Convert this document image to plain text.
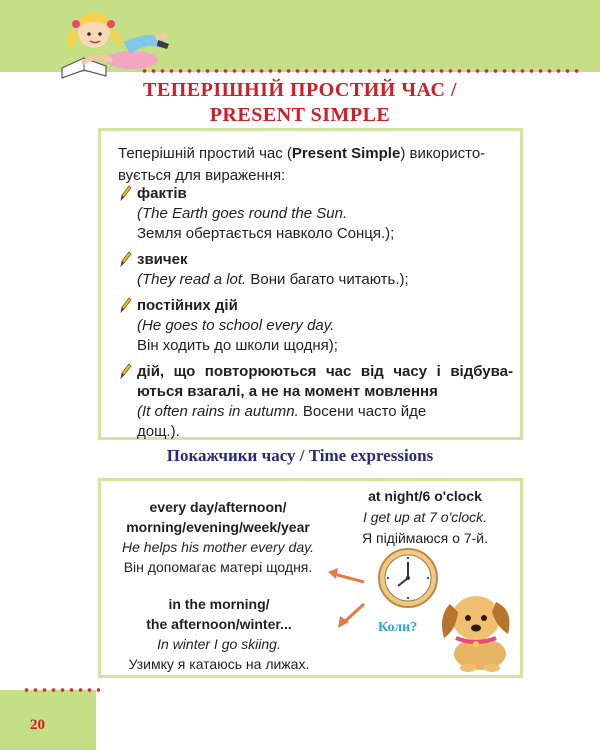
ТЕПЕРІШНІЙ ПРОСТИЙ ЧАС /
PRESENT SIMPLE
Теперішній простий час (Present Simple) використо-
вується для вираження:
фактів
(The Earth goes round the Sun.
Земля обертається навколо Сонця.);
звичек
(They read a lot. Вони багато читають.);
постійних дій
(He goes to school every day.
Він ходить до школи щодня);
дій, що повторюються час від часу і відбува-
ються взагалі, а не на момент мовлення
(It often rains in autumn. Восени часто йде
дощ.).
Покажчики часу / Time expressions
every day/afternoon/
morning/evening/week/year
He helps his mother every day.
Він допомагає матері щодня.
at night/6 o'clock
I get up at 7 o'clock.
Я підіймаюся о 7-й.
in the morning/
the afternoon/winter...
In winter I go skiing.
Узимку я катаюсь на лижах.
Коли?
20
